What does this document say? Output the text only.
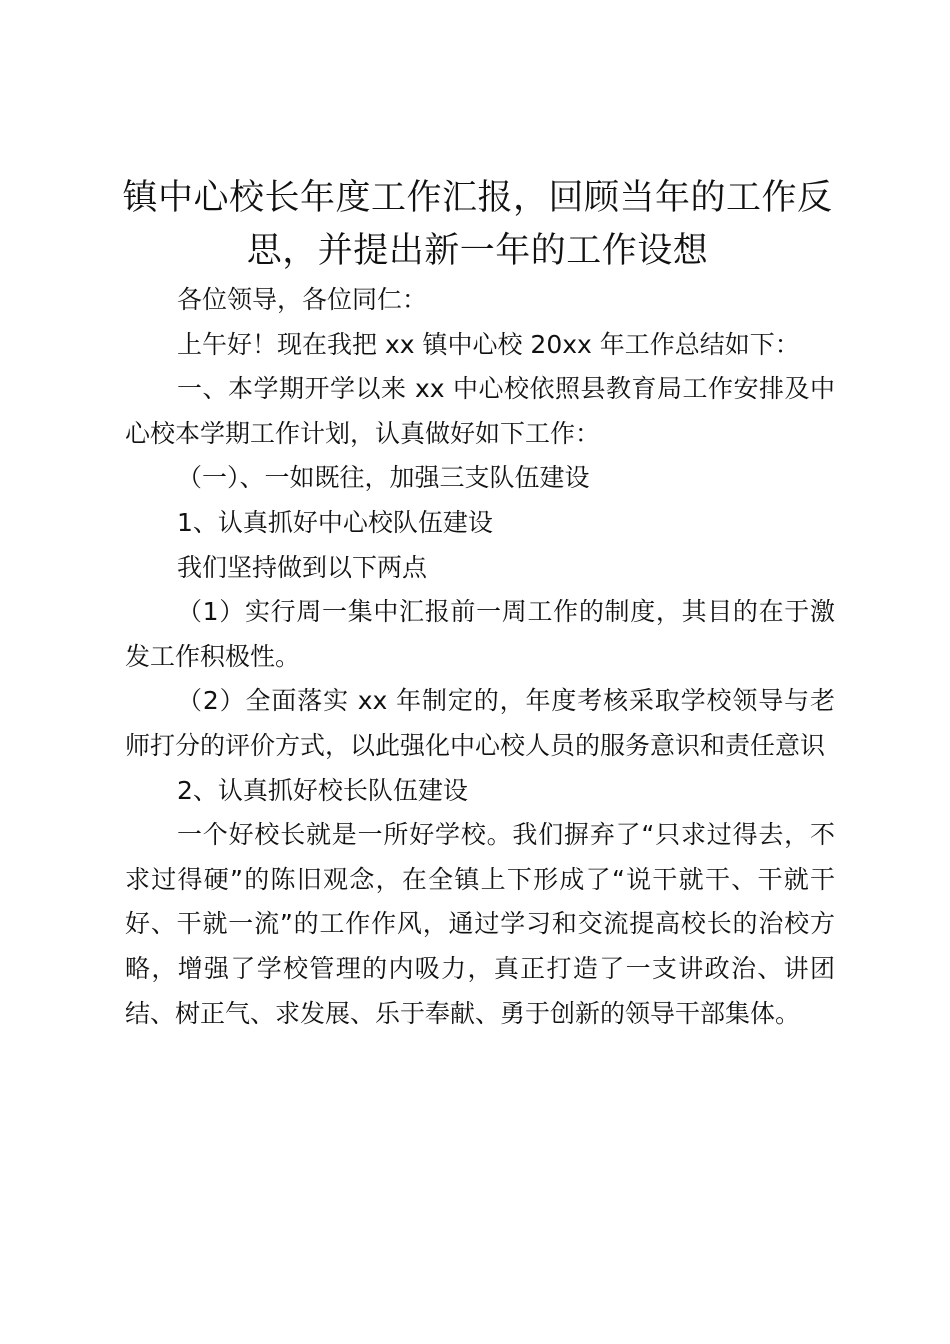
镇中心校长年度工作汇报，回顾当年的工作反思，并提出新一年的工作设想

各位领导，各位同仁：

上午好！现在我把 xx 镇中心校 20xx 年工作总结如下：

一、本学期开学以来 xx 中心校依照县教育局工作安排及中心校本学期工作计划，认真做好如下工作：

（一）、一如既往，加强三支队伍建设

1、认真抓好中心校队伍建设

我们坚持做到以下两点

（1）实行周一集中汇报前一周工作的制度，其目的在于激发工作积极性。

（2）全面落实 xx 年制定的，年度考核采取学校领导与老师打分的评价方式，以此强化中心校人员的服务意识和责任意识

2、认真抓好校长队伍建设

一个好校长就是一所好学校。我们摒弃了“只求过得去，不求过得硬”的陈旧观念，在全镇上下形成了“说干就干、干就干好、干就一流”的工作作风，通过学习和交流提高校长的治校方略，增强了学校管理的内吸力，真正打造了一支讲政治、讲团结、树正气、求发展、乐于奉献、勇于创新的领导干部集体。
